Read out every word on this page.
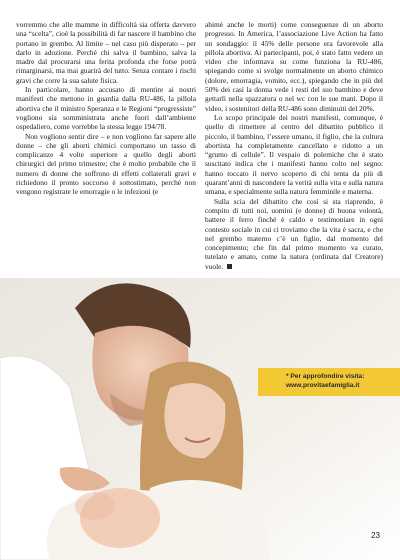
vorremmo che alle mamme in difficoltà sia offerta davvero una “scelta”, cioè la possibilità di far nascere il bambino che portano in grembo. Al limite – nel caso più disperato – per darlo in adozione. Perché chi salva il bambino, salva la madre dal procurarsi una ferita profonda che forse potrà rimarginarsi, ma mai guarirà del tutto. Senza contare i rischi gravi che corre la sua salute fisica.

In particolare, hanno accusato di mentire ai nostri manifesti che mettono in guardia dalla RU-486, la pillola abortiva che il ministro Speranza e le Regioni “progressiste” vogliono sia somministrata anche fuori dall’ambiente ospedaliero, come vorrebbe la stessa legge 194/78.

Non vogliono sentir dire – e non vogliono far sapere alle donne – che gli aborti chimici comportano un tasso di complicanze 4 volte superiore a quello degli aborti chirurgici del primo trimestre; che è molto probabile che il numero di donne che soffrono di effetti collaterali gravi e richiedono il pronto soccorso è sottostimato, perché non vengono registrate le emorragie o le infezioni (e

ahimè anche le morti) come conseguenze di un aborto progresso. In America, l’associazione Live Action ha fatto un sondaggio: il 45% delle persone era favorevole alla pillola abortiva. Ai partecipanti, poi, è stato fatto vedere un video che informava su come funziona la RU-486, spiegando come si svolge normalmente un aborto chimico (dolore, emorragia, vomito, ecc.), spiegando che in più del 50% dei casi la donna vede i resti del suo bambino e deve gettarli nella spazzatura o nel wc con le sue mani. Dopo il video, i sostenitori della RU-486 sono diminuiti del 20%.

Lo scopo principale dei nostri manifesti, comunque, è quello di rimettere al centro del dibattito pubblico il piccolo, il bambino, l’essere umano, il figlio, che la cultura abortista ha completamente cancellato e ridotto a un “grumo di cellule”. Il vespaio di polemiche che è stato suscitato indica che i manifesti hanno colto nel segno: hanno toccato il nervo scoperto di chi tenta da più di quarant’anni di nascondere la verità sulla vita e sulla natura umana, e specialmente sulla natura femminile e materna.

Sulla scia del dibattito che così si sta riaprendo, è compito di tutti noi, uomini (e donne) di buona volontà, battere il ferro finché è caldo e testimoniare in ogni contesto sociale in cui ci troviamo che la vita è sacra, e che nel grembo materno c’è un figlio, dal momento del concepimento; che fin dal primo momento va curato, tutelato e amato, come la natura (ordinata dal Creatore) vuole.

* Per approfondire visita:
www.provitaefamiglia.it
23
